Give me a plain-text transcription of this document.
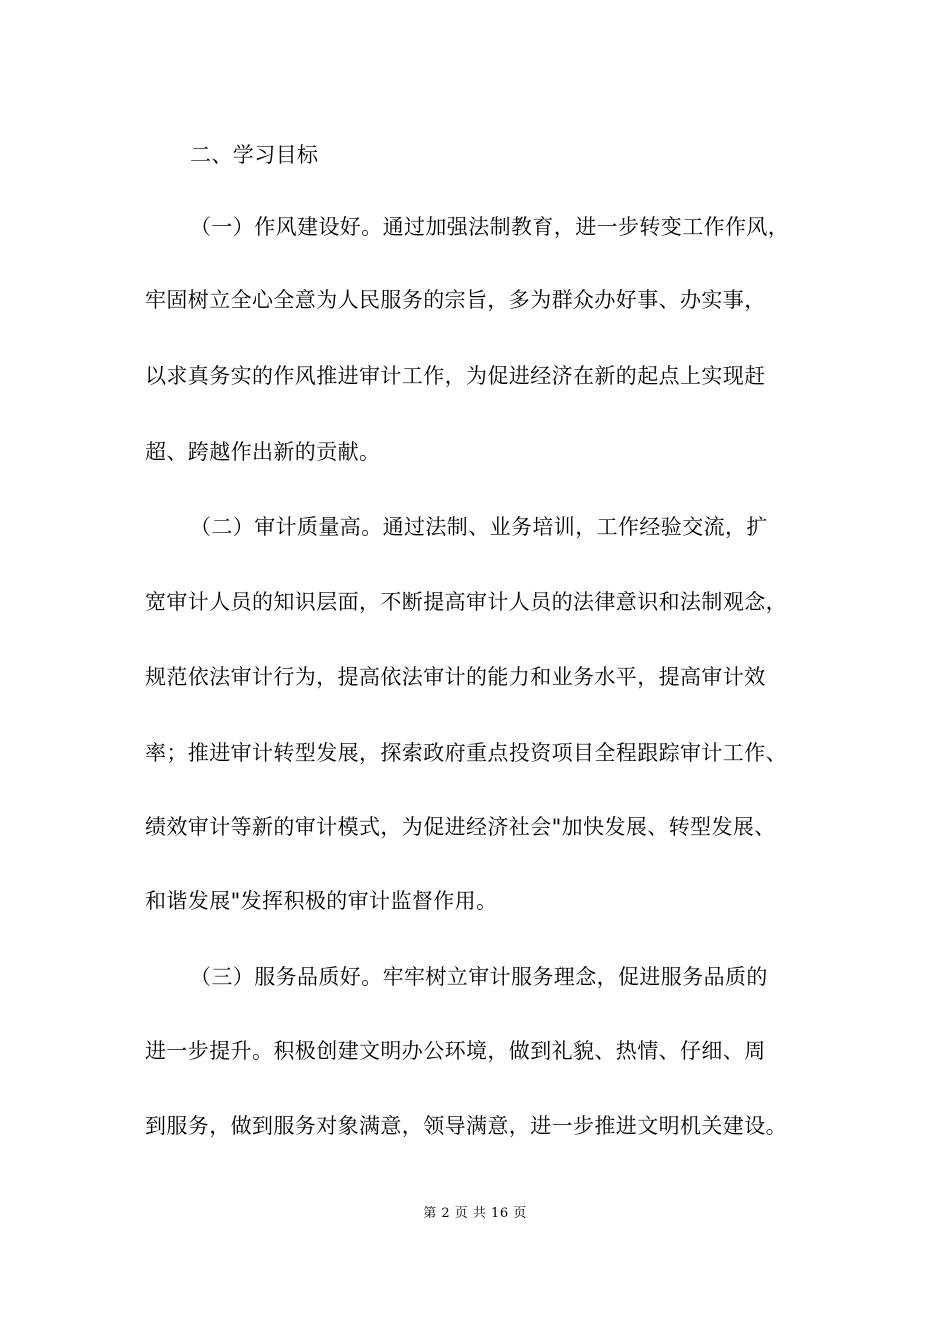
二、学习目标
（一）作风建设好。通过加强法制教育，进一步转变工作作风，
牢固树立全心全意为人民服务的宗旨，多为群众办好事、办实事，
以求真务实的作风推进审计工作，为促进经济在新的起点上实现赶
超、跨越作出新的贡献。
（二）审计质量高。通过法制、业务培训，工作经验交流，扩
宽审计人员的知识层面，不断提高审计人员的法律意识和法制观念，
规范依法审计行为，提高依法审计的能力和业务水平，提高审计效
率；推进审计转型发展，探索政府重点投资项目全程跟踪审计工作、
绩效审计等新的审计模式，为促进经济社会"加快发展、转型发展、
和谐发展"发挥积极的审计监督作用。
（三）服务品质好。牢牢树立审计服务理念，促进服务品质的
进一步提升。积极创建文明办公环境，做到礼貌、热情、仔细、周
到服务，做到服务对象满意，领导满意，进一步推进文明机关建设。
第 2 页 共 16 页
